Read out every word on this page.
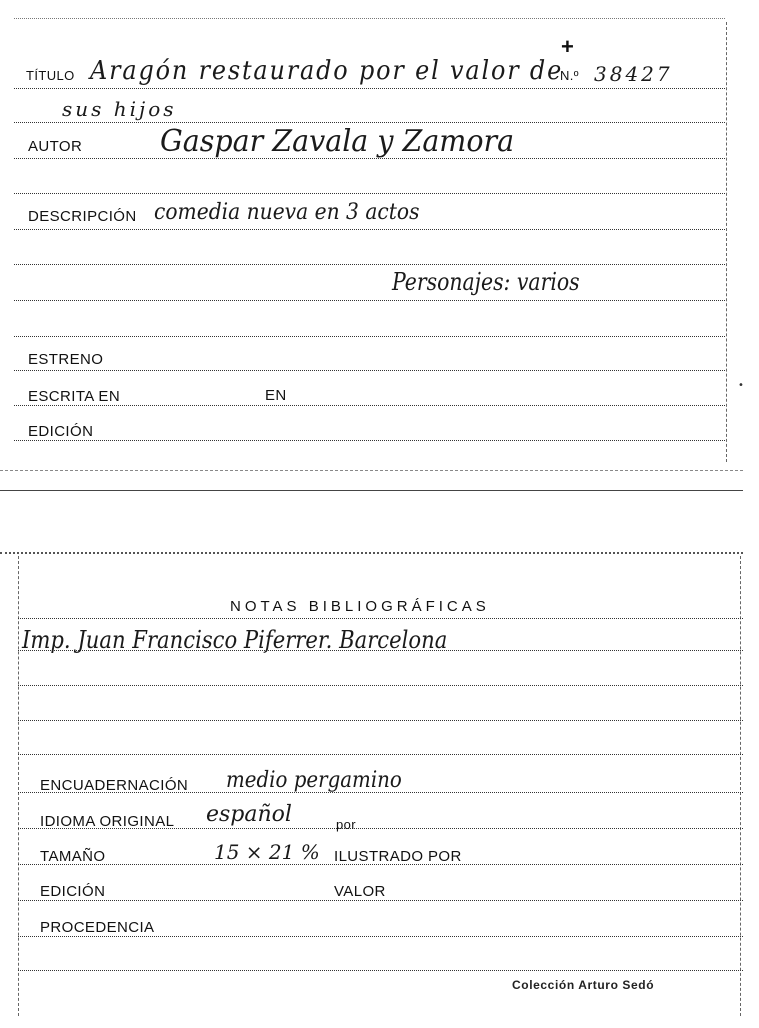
TÍTULO Aragón restaurado por el valor de
N.º 38427
+
sus hijos
AUTOR	Gaspar Zavala y Zamora
DESCRIPCIÓN comedia nueva en 3 actos
Personajes: varios
ESTRENO
ESCRITA EN	EN
EDICIÓN
•
NOTAS BIBLIOGRÁFICAS
Imp. Juan Francisco Piferrer. Barcelona
ENCUADERNACIÓN medio pergamino
IDIOMA ORIGINAL español	por
TAMAÑO	15 × 21 % ILUSTRADO POR
EDICIÓN	VALOR
PROCEDENCIA
Colección Arturo Sedó
